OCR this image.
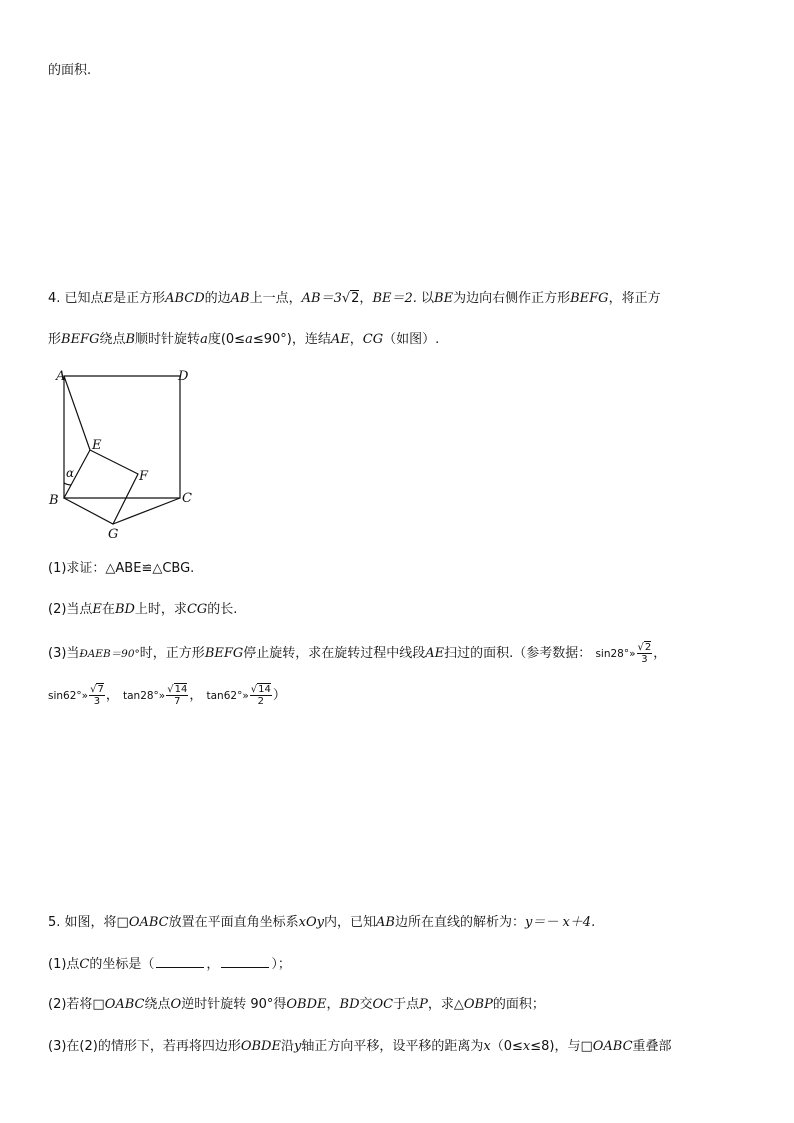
的面积.
4. 已知点E是正方形ABCD的边AB上一点，AB＝3√2，BE＝2. 以BE为边向右侧作正方形BEFG，将正方
形BEFG绕点B顺时针旋转a度(0≤a≤90°)，连结AE，CG（如图）.
A	D
E
F
B	C
G
α
(1)求证：△ABE≌△CBG.
(2)当点E在BD上时，求CG的长.
(3)当ÐAEB＝90°时，正方形BEFG停止旋转，求在旋转过程中线段AE扫过的面积.（参考数据： sin28°» $\frac{√2}{3}$ ，
sin62°» $\frac{√7}{3}$ ， tan28°» $\frac{√14}{7}$ ， tan62°» $\frac{√14}{2}$ ）
5. 如图，将□OABC放置在平面直角坐标系xOy内，已知AB边所在直线的解析为：y＝－ x＋4.
(1)点C的坐标是（	，	）；
(2)若将□OABC绕点O逆时针旋转 90°得OBDE，BD交OC于点P，求△OBP的面积；
(3)在(2)的情形下，若再将四边形OBDE沿y轴正方向平移，设平移的距离为x（0≤x≤8)，与□OABC重叠部
